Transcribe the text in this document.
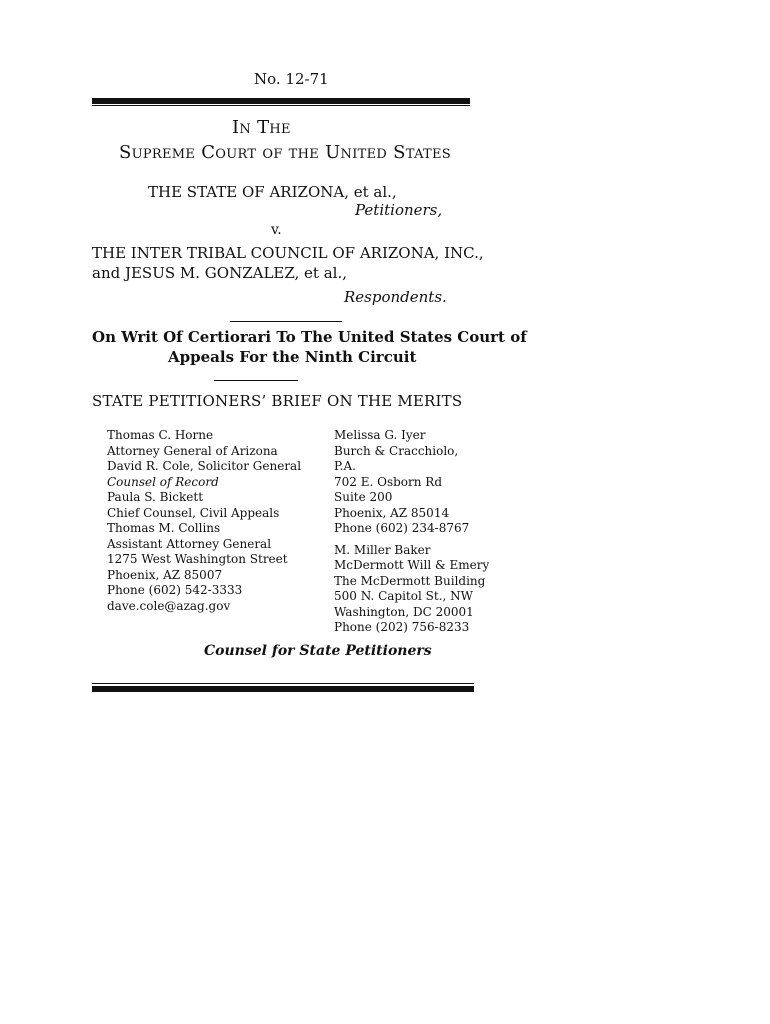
No. 12-71
In The
Supreme Court of the United States
THE STATE OF ARIZONA, et al.,
Petitioners,
v.
THE INTER TRIBAL COUNCIL OF ARIZONA, INC.,
and JESUS M. GONZALEZ, et al.,
Respondents.
On Writ Of Certiorari To The United States Court of
Appeals For the Ninth Circuit
STATE PETITIONERS’ BRIEF ON THE MERITS
Thomas C. Horne
Attorney General of Arizona
David R. Cole, Solicitor General
Counsel of Record
Paula S. Bickett
Chief Counsel, Civil Appeals
Thomas M. Collins
Assistant Attorney General
1275 West Washington Street
Phoenix, AZ 85007
Phone (602) 542-3333
dave.cole@azag.gov
Melissa G. Iyer
Burch & Cracchiolo,
P.A.
702 E. Osborn Rd
Suite 200
Phoenix, AZ 85014
Phone (602) 234-8767
M. Miller Baker
McDermott Will & Emery
The McDermott Building
500 N. Capitol St., NW
Washington, DC 20001
Phone (202) 756-8233
Counsel for State Petitioners
